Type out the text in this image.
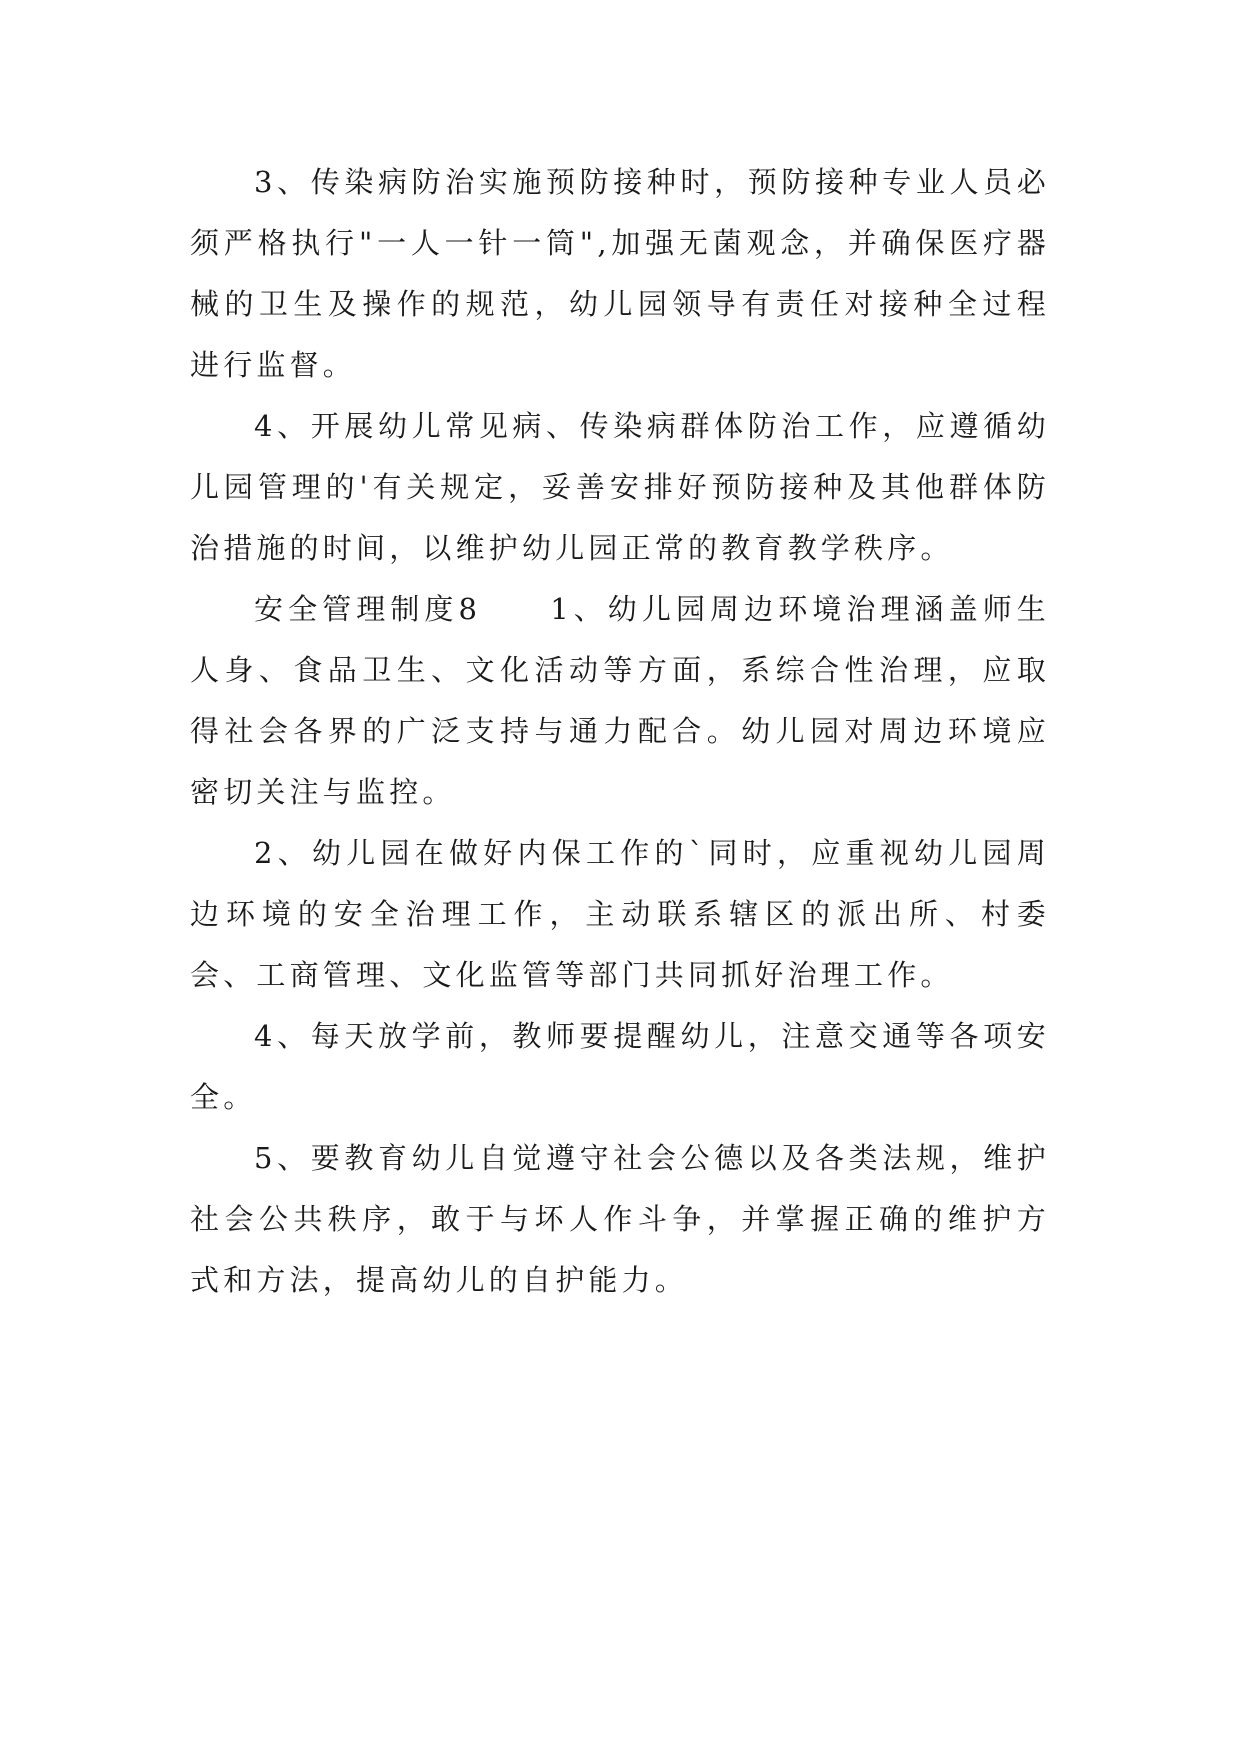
3、传染病防治实施预防接种时，预防接种专业人员必须严格执行"一人一针一筒",加强无菌观念，并确保医疗器械的卫生及操作的规范，幼儿园领导有责任对接种全过程进行监督。

4、开展幼儿常见病、传染病群体防治工作，应遵循幼儿园管理的'有关规定，妥善安排好预防接种及其他群体防治措施的时间，以维护幼儿园正常的教育教学秩序。

安全管理制度8　　1、幼儿园周边环境治理涵盖师生人身、食品卫生、文化活动等方面，系综合性治理，应取得社会各界的广泛支持与通力配合。幼儿园对周边环境应密切关注与监控。

2、幼儿园在做好内保工作的`同时，应重视幼儿园周边环境的安全治理工作，主动联系辖区的派出所、村委会、工商管理、文化监管等部门共同抓好治理工作。

4、每天放学前，教师要提醒幼儿，注意交通等各项安全。

5、要教育幼儿自觉遵守社会公德以及各类法规，维护社会公共秩序，敢于与坏人作斗争，并掌握正确的维护方式和方法，提高幼儿的自护能力。
